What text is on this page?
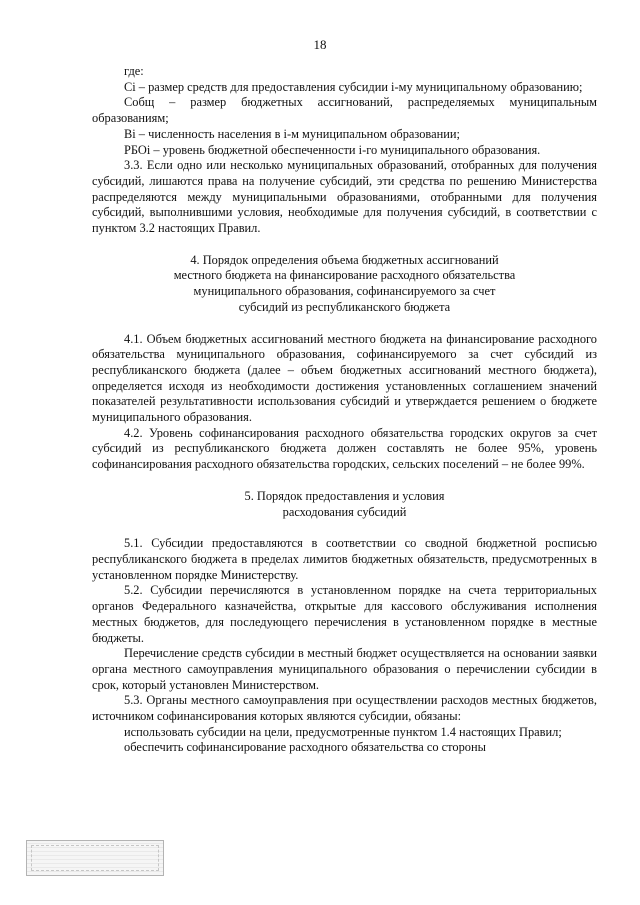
18

где:

Ci – размер средств для предоставления субсидии i-му муниципальному образованию;

Cобщ – размер бюджетных ассигнований, распределяемых муниципальным образованиям;

Вi – численность населения в i-м муниципальном образовании;

РБОi – уровень бюджетной обеспеченности i-го муниципального образования.

3.3. Если одно или несколько муниципальных образований, отобранных для получения субсидий, лишаются права на получение субсидий, эти средства по решению Министерства распределяются между муниципальными образованиями, отобранными для получения субсидий, выполнившими условия, необходимые для получения субсидий, в соответствии с пунктом 3.2 настоящих Правил.

4. Порядок определения объема бюджетных ассигнований
местного бюджета на финансирование расходного обязательства
муниципального образования, софинансируемого за счет
субсидий из республиканского бюджета

4.1. Объем бюджетных ассигнований местного бюджета на финансирование расходного обязательства муниципального образования, софинансируемого за счет субсидий из республиканского бюджета (далее – объем бюджетных ассигнований местного бюджета), определяется исходя из необходимости достижения установленных соглашением значений показателей результативности использования субсидий и утверждается решением о бюджете муниципального образования.

4.2. Уровень софинансирования расходного обязательства городских округов за счет субсидий из республиканского бюджета должен составлять не более 95%, уровень софинансирования расходного обязательства городских, сельских поселений – не более 99%.

5. Порядок предоставления и условия
расходования субсидий

5.1. Субсидии предоставляются в соответствии со сводной бюджетной росписью республиканского бюджета в пределах лимитов бюджетных обязательств, предусмотренных в установленном порядке Министерству.

5.2. Субсидии перечисляются в установленном порядке на счета территориальных органов Федерального казначейства, открытые для кассового обслуживания исполнения местных бюджетов, для последующего перечисления в установленном порядке в местные бюджеты.

Перечисление средств субсидии в местный бюджет осуществляется на основании заявки органа местного самоуправления муниципального образования о перечислении субсидии в срок, который установлен Министерством.

5.3. Органы местного самоуправления при осуществлении расходов местных бюджетов, источником софинансирования которых являются субсидии, обязаны:

использовать субсидии на цели, предусмотренные пунктом 1.4 настоящих Правил;

обеспечить софинансирование расходного обязательства со стороны
